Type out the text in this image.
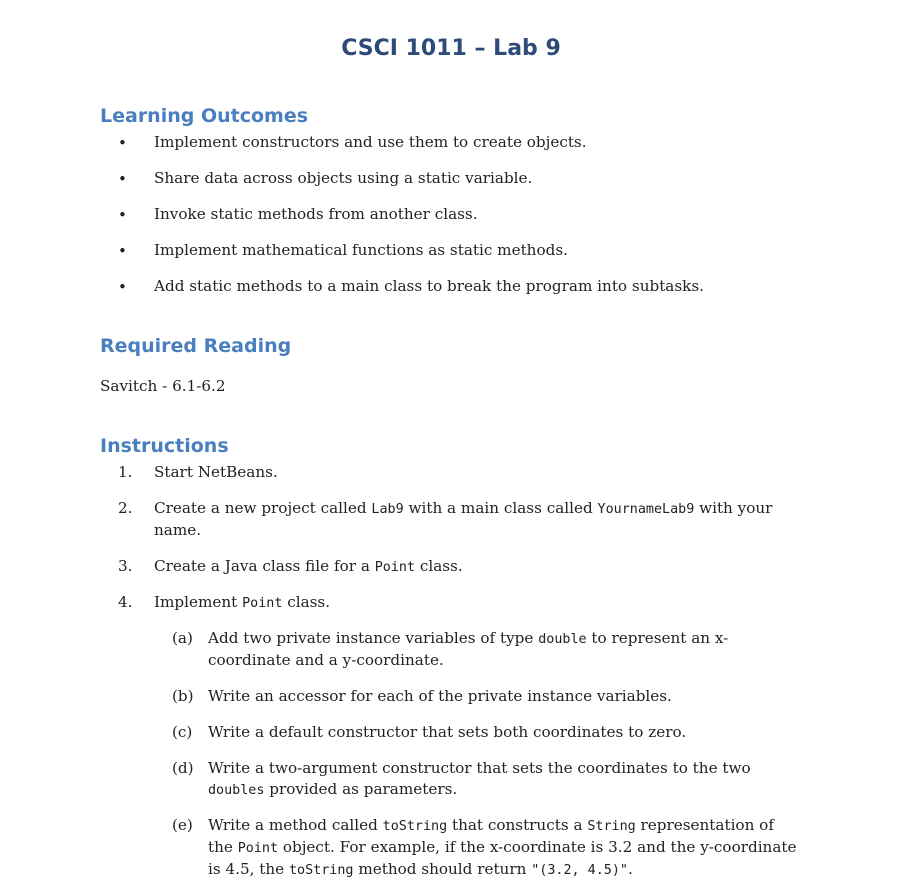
CSCI 1011 – Lab 9
Learning Outcomes
• Implement constructors and use them to create objects.
• Share data across objects using a static variable.
• Invoke static methods from another class.
• Implement mathematical functions as static methods.
• Add static methods to a main class to break the program into subtasks.
Required Reading
Savitch - 6.1-6.2
Instructions
1. Start NetBeans.
2. Create a new project called Lab9 with a main class called YournameLab9 with your name.
3. Create a Java class file for a Point class.
4. Implement Point class.
(a) Add two private instance variables of type double to represent an x-coordinate and a y-coordinate.
(b) Write an accessor for each of the private instance variables.
(c) Write a default constructor that sets both coordinates to zero.
(d) Write a two-argument constructor that sets the coordinates to the two doubles provided as parameters.
(e) Write a method called toString that constructs a String representation of the Point object. For example, if the x-coordinate is 3.2 and the y-coordinate is 4.5, the toString method should return "(3.2, 4.5)".
